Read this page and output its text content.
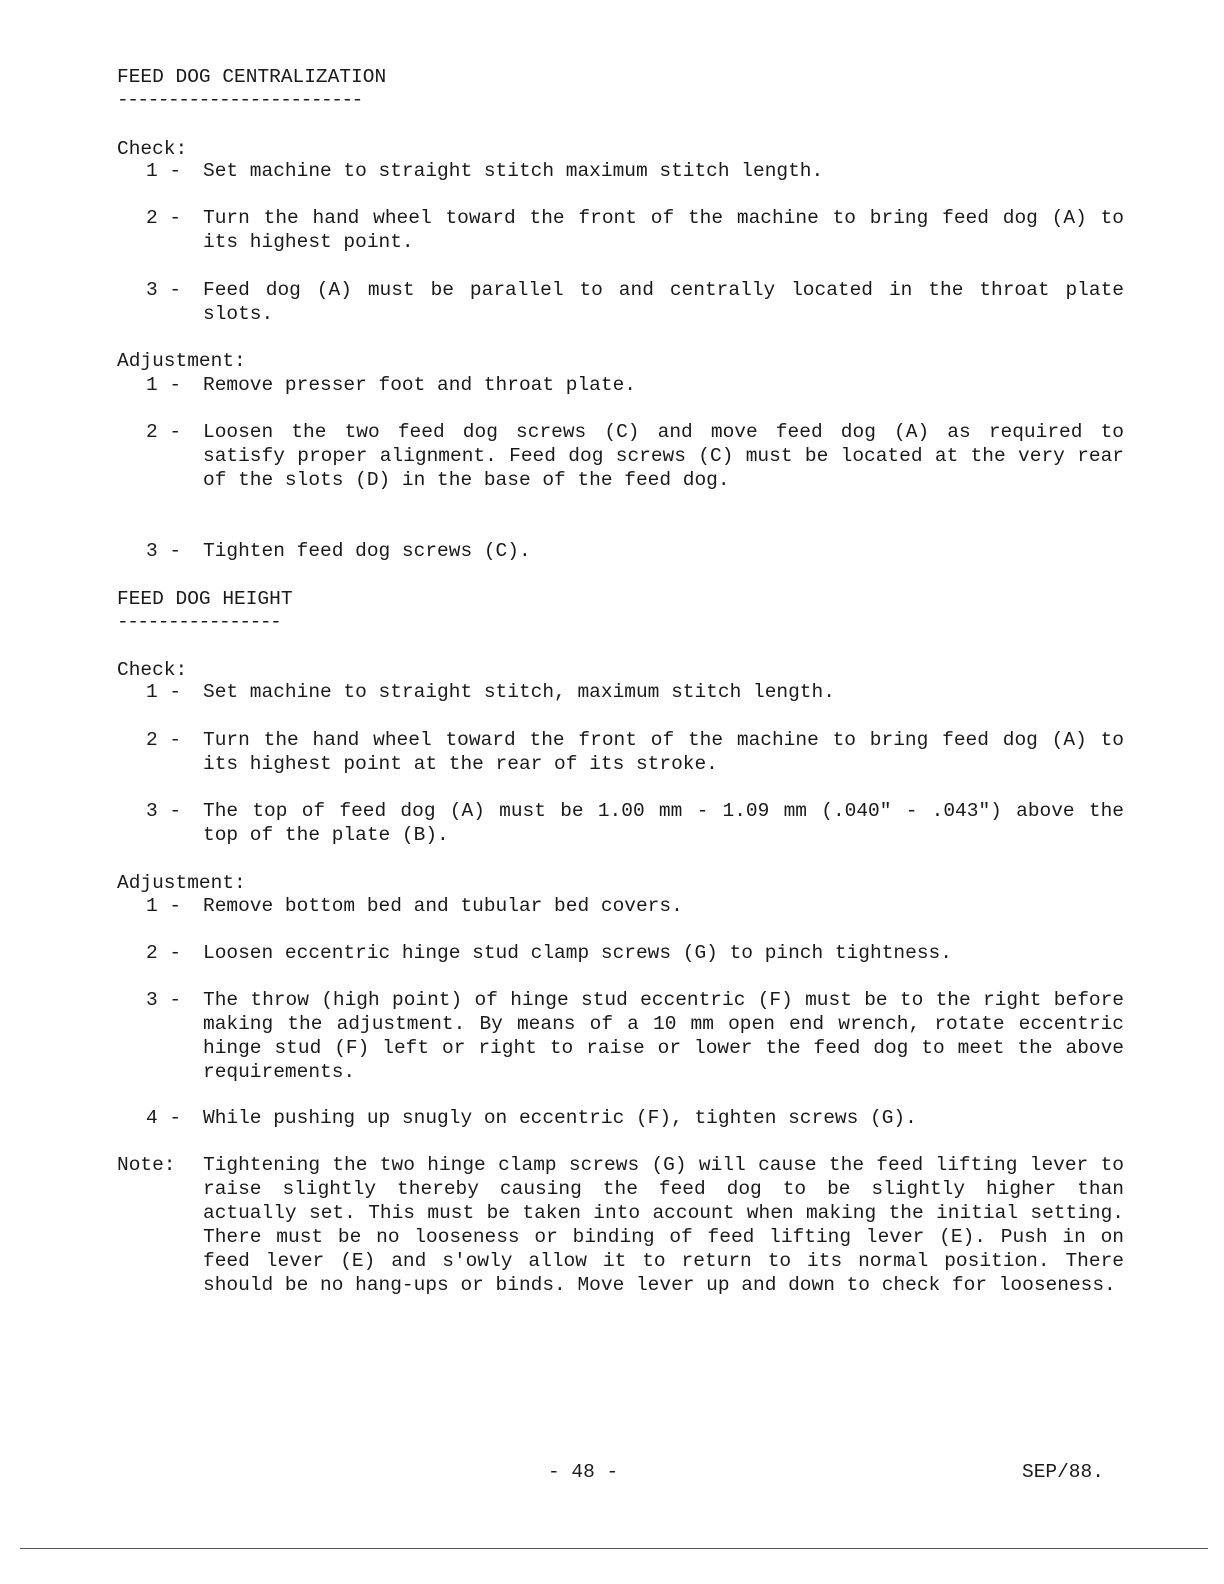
FEED DOG CENTRALIZATION
------------------------
Check:
1 - Set machine to straight stitch maximum stitch length.
2 - Turn the hand wheel toward the front of the machine to bring feed dog (A) to its highest point.
3 - Feed dog (A) must be parallel to and centrally located in the throat plate slots.
Adjustment:
1 - Remove presser foot and throat plate.
2 - Loosen the two feed dog screws (C) and move feed dog (A) as required to satisfy proper alignment. Feed dog screws (C) must be located at the very rear of the slots (D) in the base of the feed dog.
3 - Tighten feed dog screws (C).
FEED DOG HEIGHT
----------------
Check:
1 - Set machine to straight stitch, maximum stitch length.
2 - Turn the hand wheel toward the front of the machine to bring feed dog (A) to its highest point at the rear of its stroke.
3 - The top of feed dog (A) must be 1.00 mm - 1.09 mm (.040" - .043") above the top of the plate (B).
Adjustment:
1 - Remove bottom bed and tubular bed covers.
2 - Loosen eccentric hinge stud clamp screws (G) to pinch tightness.
3 - The throw (high point) of hinge stud eccentric (F) must be to the right before making the adjustment. By means of a 10 mm open end wrench, rotate eccentric hinge stud (F) left or right to raise or lower the feed dog to meet the above requirements.
4 - While pushing up snugly on eccentric (F), tighten screws (G).
Note: Tightening the two hinge clamp screws (G) will cause the feed lifting lever to raise slightly thereby causing the feed dog to be slightly higher than actually set. This must be taken into account when making the initial setting. There must be no looseness or binding of feed lifting lever (E). Push in on feed lever (E) and s'owly allow it to return to its normal position. There should be no hang-ups or binds. Move lever up and down to check for looseness.
- 48 -	SEP/88.
